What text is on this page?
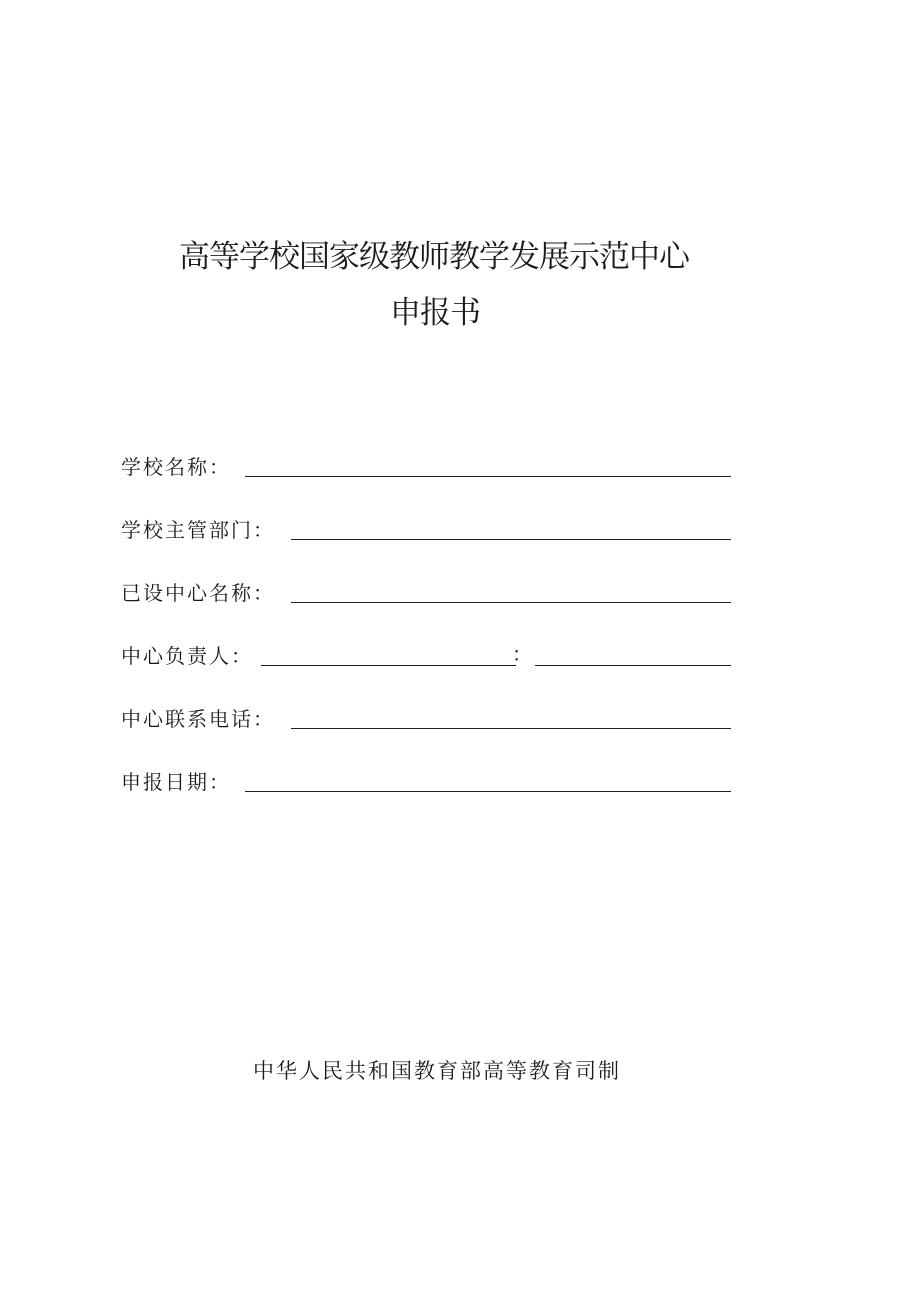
高等学校国家级教师教学发展示范中心
申报书
学校名称：
学校主管部门：
已设中心名称：
中心负责人：	：
中心联系电话：
申报日期：
中华人民共和国教育部高等教育司制
